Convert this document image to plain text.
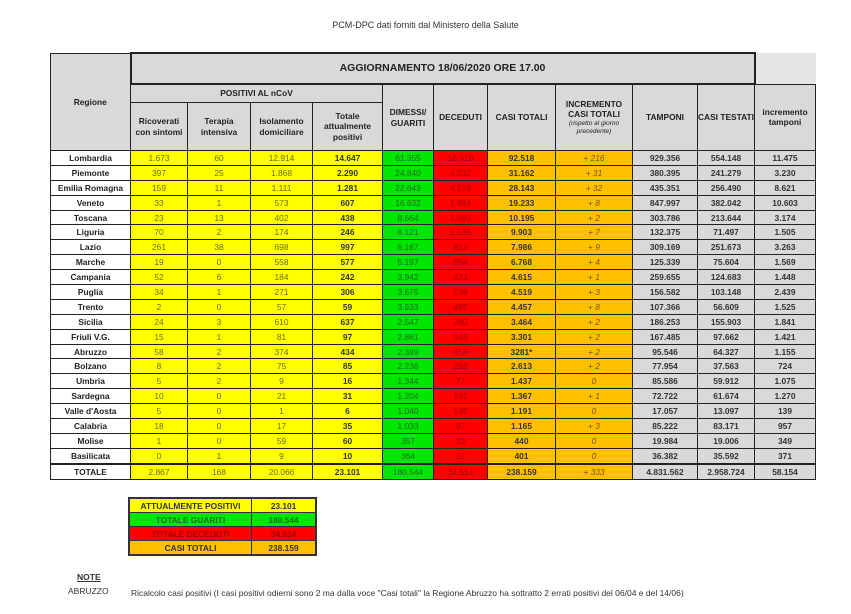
PCM-DPC dati forniti dal Ministero della Salute
Regione	AGGIORNAMENTO 18/06/2020 ORE 17.00										
	POSITIVI AL nCoV				DIMESSI/ GUARITI	DECEDUTI	CASI TOTALI	INCREMENTO CASI TOTALI
(rispetto al giorno precedente)	TAMPONI	CASI TESTATI	incremento tamponi
	Ricoverati con sintomi	Terapia intensiva	Isolamento domiciliare	Totale attualmente positivi							
Lombardia	1.673	60	12.914	14.647	61.355	16.516	92.518	+ 216	929.356	554.148	11.475
Piemonte	397	25	1.868	2.290	24.840	4.032	31.162	+ 31	380.395	241.279	3.230
Emilia Romagna	159	11	1.111	1.281	22.643	4.219	28.143	+ 32	435.351	256.490	8.621
Veneto	33	1	573	607	16.632	1.994	19.233	+ 8	847.997	382.042	10.603
Toscana	23	13	402	438	8.664	1.093	10.195	+ 2	303.786	213.644	3.174
Liguria	70	2	174	246	8.121	1.536	9.903	+ 7	132.375	71.497	1.505
Lazio	261	38	698	997	6.167	822	7.986	+ 9	309.169	251.673	3.263
Marche	19	0	558	577	5.197	994	6.768	+ 4	125.339	75.604	1.569
Campania	52	6	184	242	3.942	433	4.615	+ 1	259.655	124.683	1.448
Puglia	34	1	271	306	3.675	538	4.519	+ 3	156.582	103.148	2.439
Trento	2	0	57	59	3.933	465	4.457	+ 8	107.366	56.609	1.525
Sicilia	24	3	610	637	2.547	280	3.464	+ 2	186.253	155.903	1.841
Friuli V.G.	15	1	81	97	2.861	343	3.301	+ 2	167.485	97.662	1.421
Abruzzo	58	2	374	434	2.389	458	3281*	+ 2	95.546	64.327	1.155
Bolzano	8	2	75	85	2.236	292	2.613	+ 2	77.954	37.563	724
Umbria	5	2	9	16	1.344	77	1.437	0	85.586	59.912	1.075
Sardegna	10	0	21	31	1.204	132	1.367	+ 1	72.722	61.674	1.270
Valle d'Aosta	5	0	1	6	1.040	145	1.191	0	17.057	13.097	139
Calabria	18	0	17	35	1.033	97	1.165	+ 3	85.222	83.171	957
Molise	1	0	59	60	357	23	440	0	19.984	19.006	349
Basilicata	0	1	9	10	364	27	401	0	36.382	35.592	371
TOTALE	2.867	168	20.066	23.101	180.544	34.514	238.159	+ 333	4.831.562	2.958.724	58.154
ATTUALMENTE POSITIVI	23.101
TOTALE GUARITI	180.544
TOTALE DECEDUTI	34.514
CASI TOTALI	238.159
NOTE
ABRUZZO	Ricalcolo casi positivi (I casi positivi odierni sono 2 ma dalla voce "Casi totali" la Regione Abruzzo ha sottratto 2 errati positivi del 06/04 e del 14/06)
